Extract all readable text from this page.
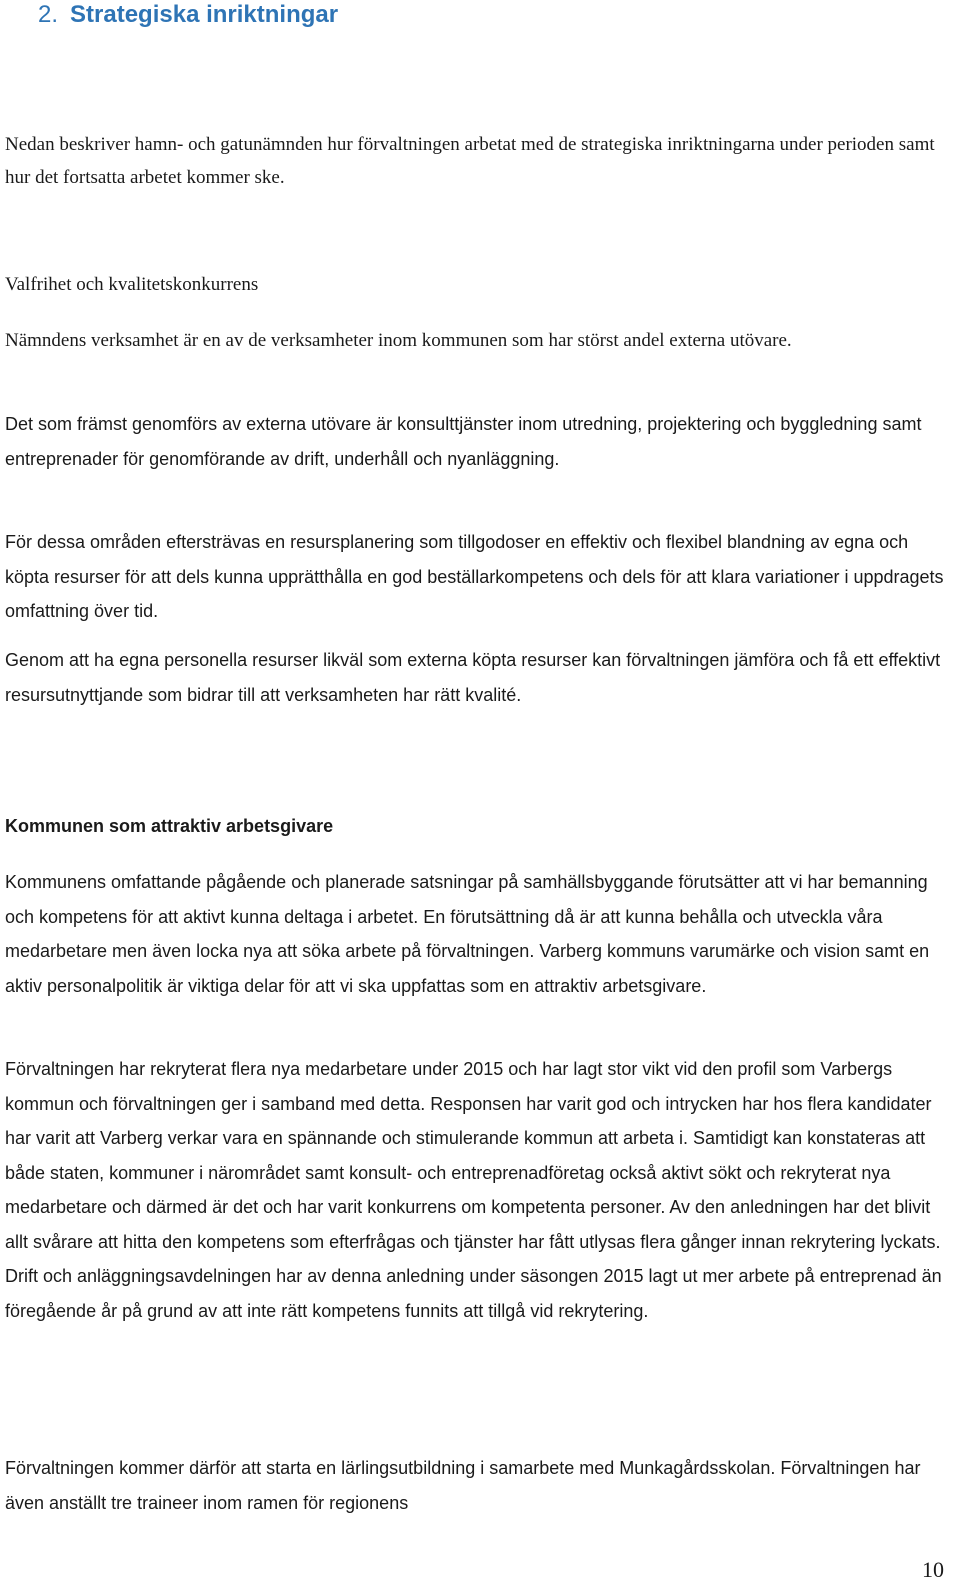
2. Strategiska inriktningar
Nedan beskriver hamn- och gatunämnden hur förvaltningen arbetat med de strategiska inriktningarna under perioden samt hur det fortsatta arbetet kommer ske.
Valfrihet och kvalitetskonkurrens
Nämndens verksamhet är en av de verksamheter inom kommunen som har störst andel externa utövare.
Det som främst genomförs av externa utövare är konsulttjänster inom utredning, projektering och byggledning samt entreprenader för genomförande av drift, underhåll och nyanläggning.
För dessa områden eftersträvas en resursplanering som tillgodoser en effektiv och flexibel blandning av egna och köpta resurser för att dels kunna upprätthålla en god beställarkompetens och dels för att klara variationer i uppdragets omfattning över tid.
Genom att ha egna personella resurser likväl som externa köpta resurser kan förvaltningen jämföra och få ett effektivt resursutnyttjande som bidrar till att verksamheten har rätt kvalité.
Kommunen som attraktiv arbetsgivare
Kommunens omfattande pågående och planerade satsningar på samhällsbyggande förutsätter att vi har bemanning och kompetens för att aktivt kunna deltaga i arbetet. En förutsättning då är att kunna behålla och utveckla våra medarbetare men även locka nya att söka arbete på förvaltningen. Varberg kommuns varumärke och vision samt en aktiv personalpolitik är viktiga delar för att vi ska uppfattas som en attraktiv arbetsgivare.
Förvaltningen har rekryterat flera nya medarbetare under 2015 och har lagt stor vikt vid den profil som Varbergs kommun och förvaltningen ger i samband med detta. Responsen har varit god och intrycken har hos flera kandidater har varit att Varberg verkar vara en spännande och stimulerande kommun att arbeta i. Samtidigt kan konstateras att både staten, kommuner i närområdet samt konsult- och entreprenadföretag också aktivt sökt och rekryterat nya medarbetare och därmed är det och har varit konkurrens om kompetenta personer. Av den anledningen har det blivit allt svårare att hitta den kompetens som efterfrågas och tjänster har fått utlysas flera gånger innan rekrytering lyckats. Drift och anläggningsavdelningen har av denna anledning under säsongen 2015 lagt ut mer arbete på entreprenad än föregående år på grund av att inte rätt kompetens funnits att tillgå vid rekrytering.
Förvaltningen kommer därför att starta en lärlingsutbildning i samarbete med Munkagårdsskolan. Förvaltningen har även anställt tre traineer inom ramen för regionens
10
